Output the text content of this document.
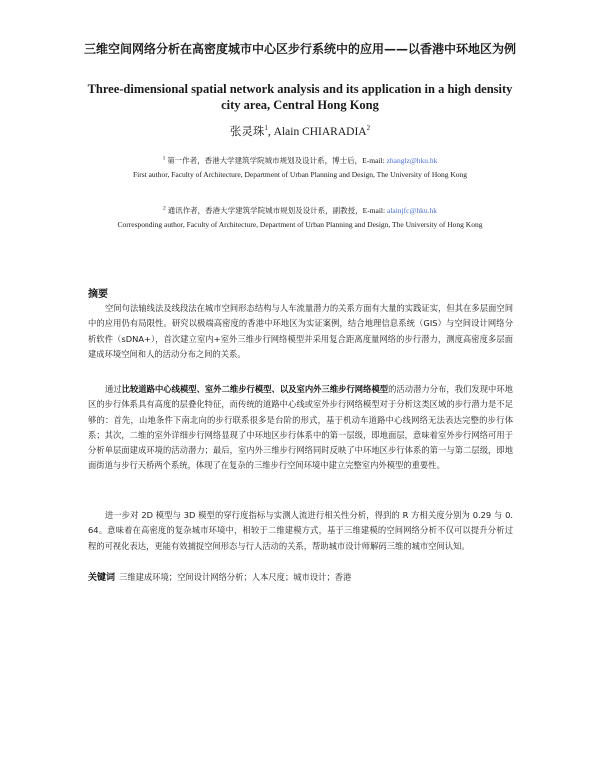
三维空间网络分析在高密度城市中心区步行系统中的应用——以香港中环地区为例
Three-dimensional spatial network analysis and its application in a high density city area, Central Hong Kong
张灵珠$^1$, Alain CHIARADIA$^2$
$^1$ 第一作者，香港大学建筑学院城市规划及设计系，博士后，E-mail: zhanglz@hku.hk
First author, Faculty of Architecture, Department of Urban Planning and Design, The University of Hong Kong
$^2$ 通讯作者，香港大学建筑学院城市规划及设计系，副教授，E-mail: alainjfc@hku.hk
Corresponding author, Faculty of Architecture, Department of Urban Planning and Design, The University of Hong Kong
摘要
空间句法轴线法及线段法在城市空间形态结构与人车流量潜力的关系方面有大量的实践证实，但其在多层面空间中的应用仍有局限性。研究以极端高密度的香港中环地区为实证案例，结合地理信息系统（GIS）与空间设计网络分析软件（sDNA+），首次建立室内+室外三维步行网络模型并采用复合距离度量网络的步行潜力，测度高密度多层面建成环境空间和人的活动分布之间的关系。
通过比较道路中心线模型、室外二维步行模型、以及室内外三维步行网络模型的活动潜力分布，我们发现中环地区的步行体系具有高度的层叠化特征，而传统的道路中心线或室外步行网络模型对于分析这类区域的步行潜力是不足够的：首先，山地条件下南北向的步行联系很多是台阶的形式，基于机动车道路中心线网络无法表达完整的步行体系；其次，二维的室外详细步行网络显现了中环地区步行体系中的第一层级，即地面层，意味着室外步行网络可用于分析单层面建成环境的活动潜力；最后，室内外三维步行网络同时反映了中环地区步行体系的第一与第二层级，即地面街道与步行天桥两个系统，体现了在复杂的三维步行空间环境中建立完整室内外模型的重要性。
进一步对 2D 模型与 3D 模型的穿行度指标与实测人流进行相关性分析，得到的 R 方相关度分别为 0.29 与 0.64。意味着在高密度的复杂城市环境中，相较于二维建模方式，基于三维建模的空间网络分析不仅可以提升分析过程的可视化表达，更能有效捕捉空间形态与行人活动的关系，帮助城市设计师解码三维的城市空间认知。
关键词 三维建成环境；空间设计网络分析；人本尺度；城市设计；香港
